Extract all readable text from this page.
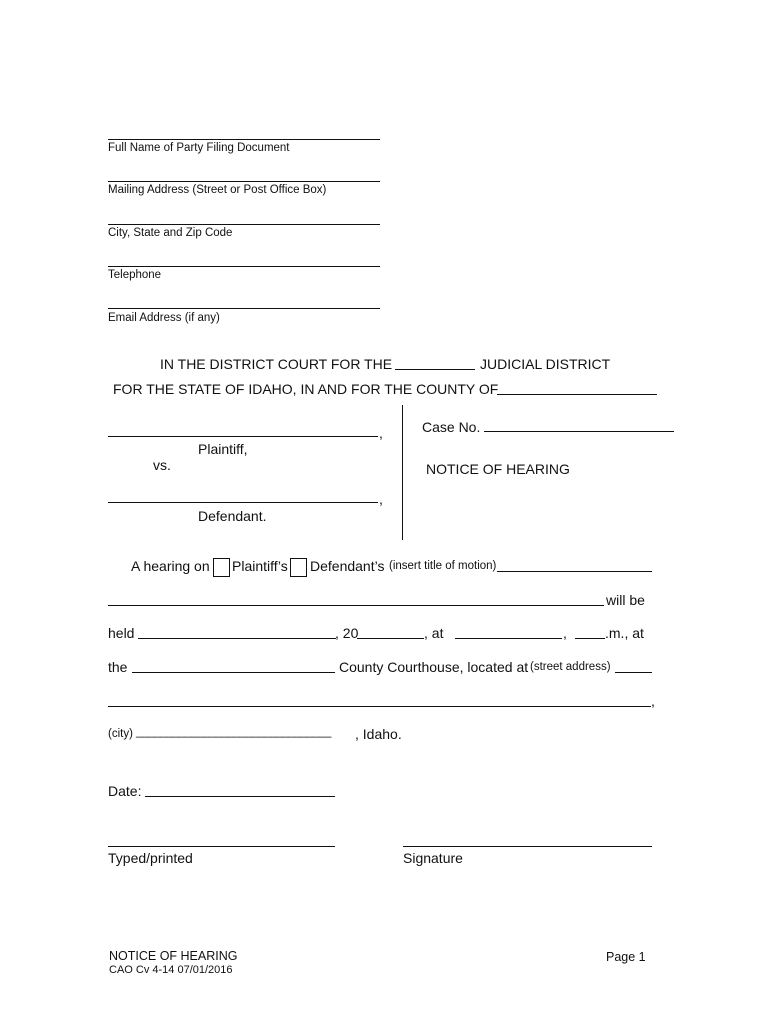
Full Name of Party Filing Document
Mailing Address (Street or Post Office Box)
City, State and Zip Code
Telephone
Email Address (if any)
IN THE DISTRICT COURT FOR THE	JUDICIAL DISTRICT
FOR THE STATE OF IDAHO, IN AND FOR THE COUNTY OF
,
Plaintiff,
vs.
,
Defendant.
Case No.
NOTICE OF HEARING
A hearing on Plaintiff’s Defendant’s (insert title of motion)
will be
held	, 20	, at	,	.m., at
the	County Courthouse, located at (street address)
,
(city) ________________________________ , Idaho.
Date:
Typed/printed	Signature
NOTICE OF HEARING
CAO Cv 4-14 07/01/2016
Page 1
